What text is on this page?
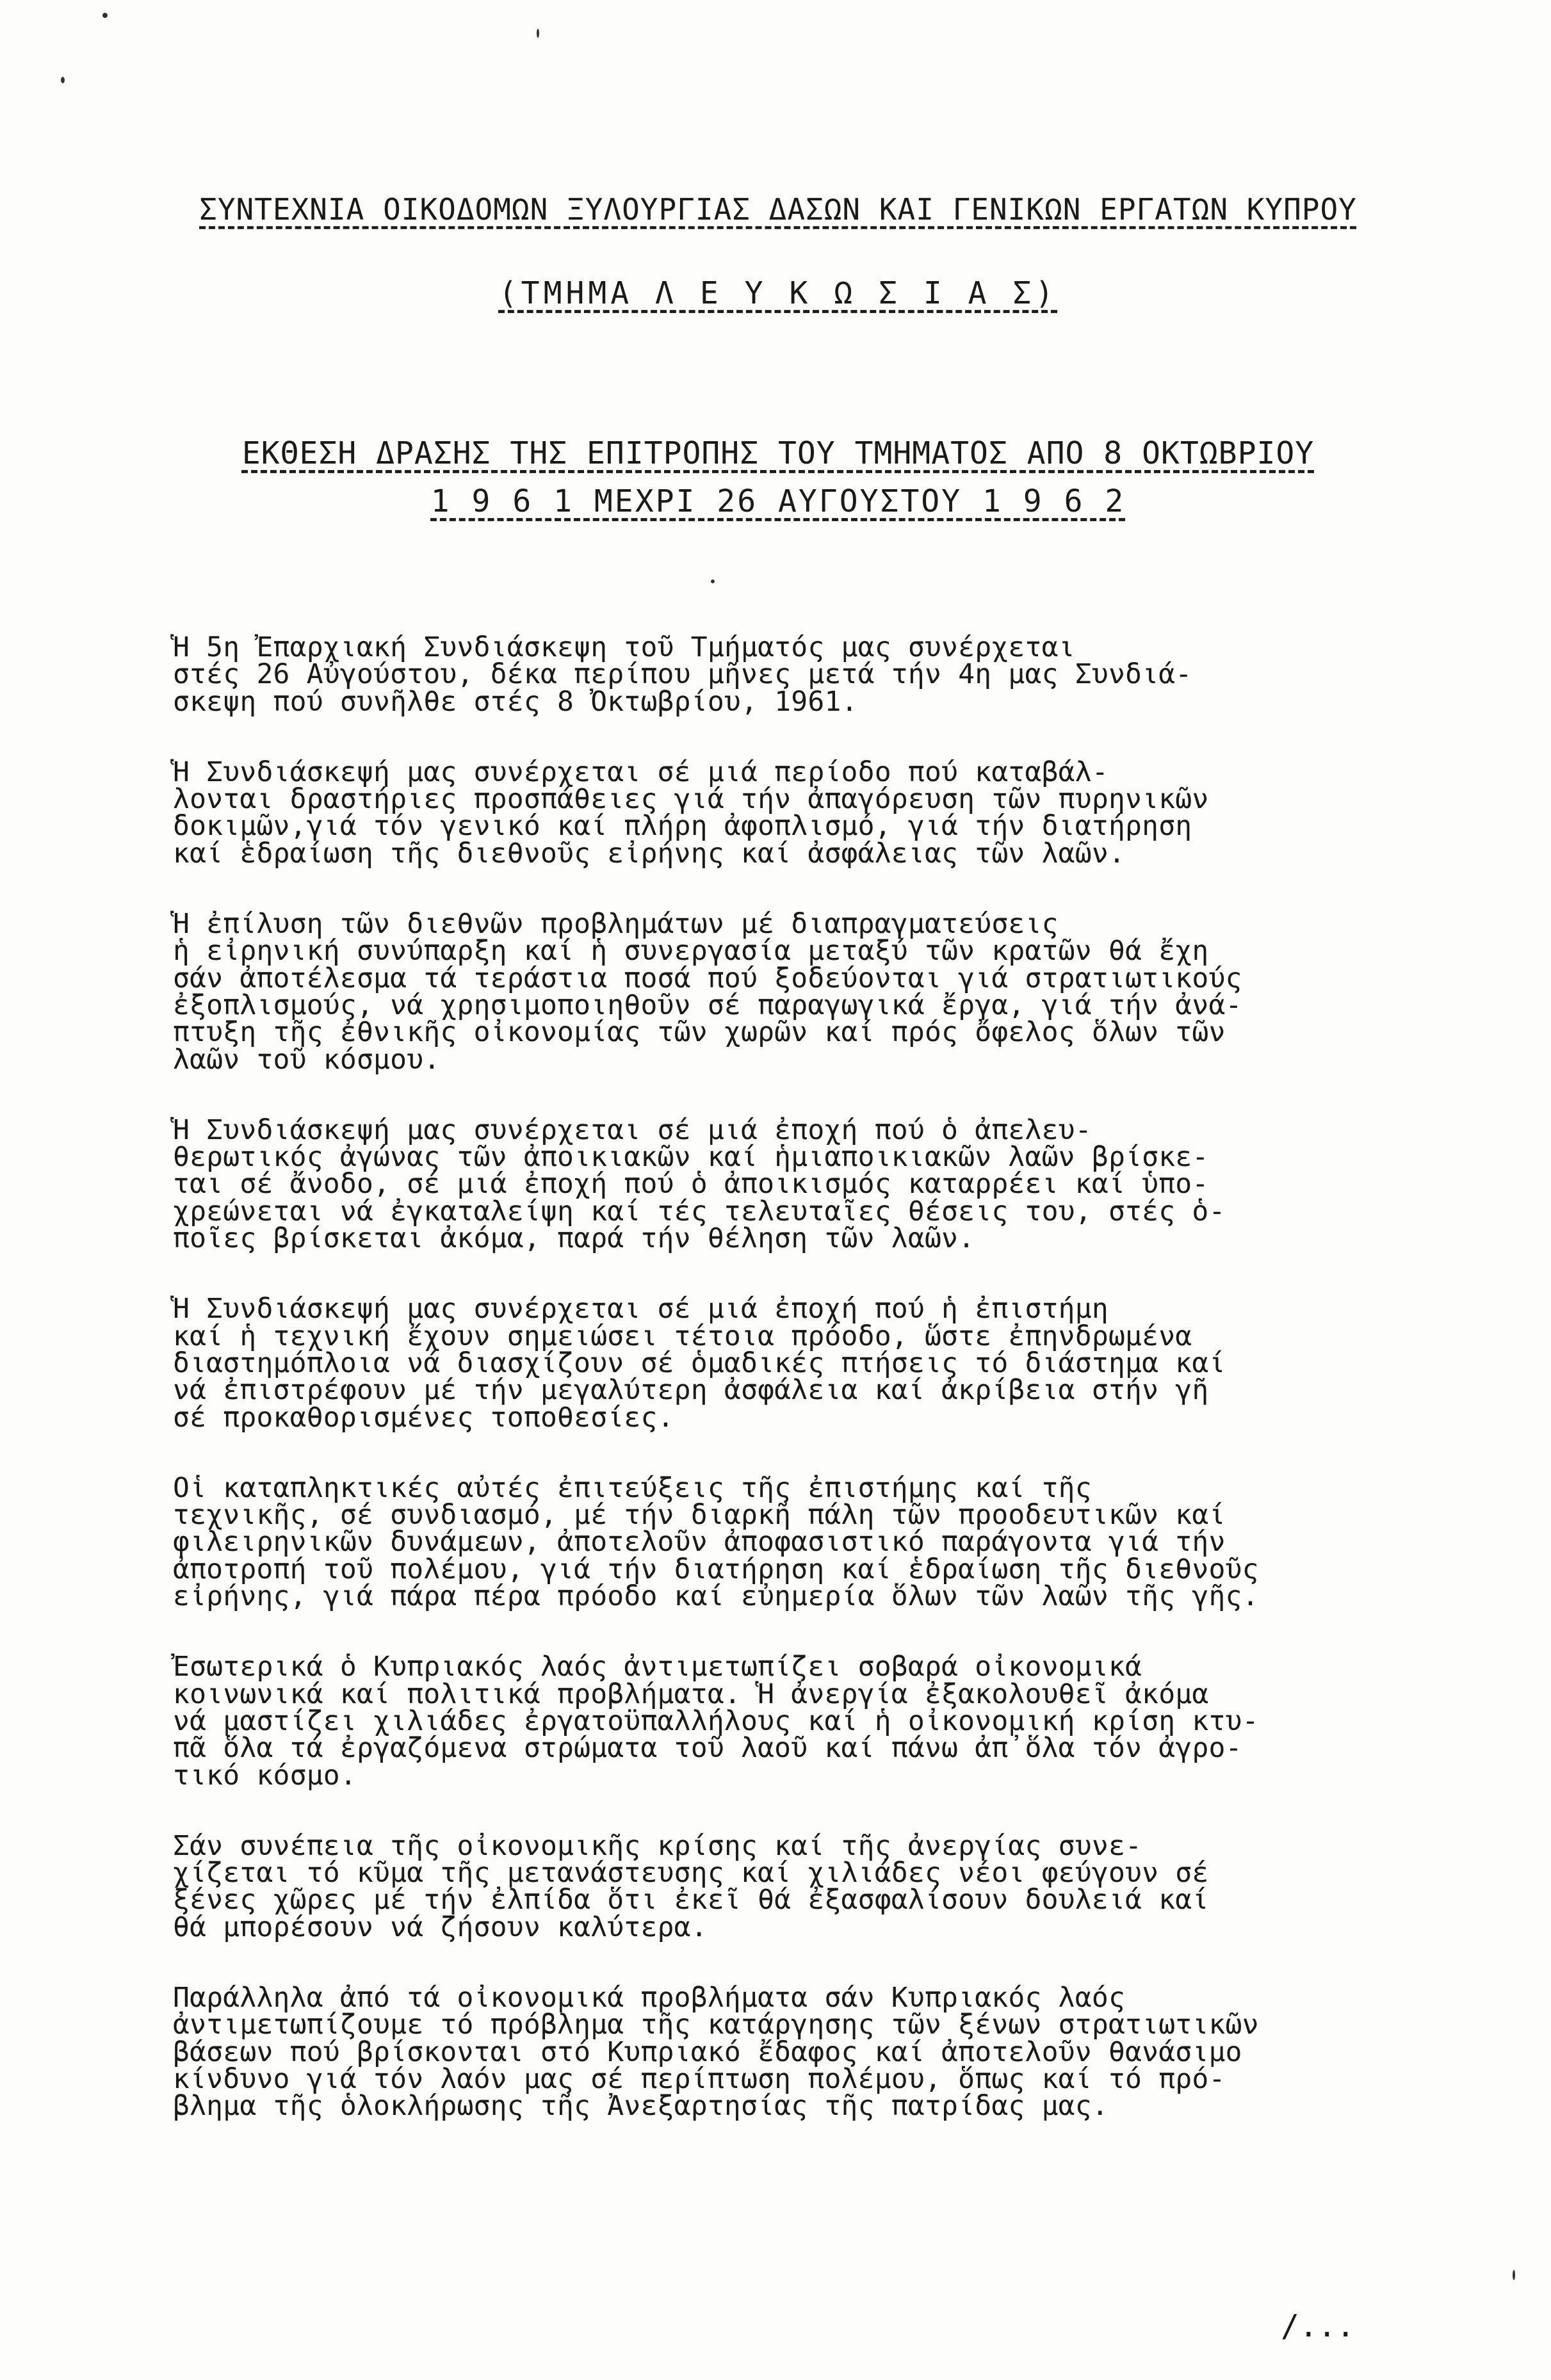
ΣΥΝΤΕΧΝΙΑ ΟΙΚΟΔΟΜΩΝ ΞΥΛΟΥΡΓΙΑΣ ΔΑΣΩΝ ΚΑΙ ΓΕΝΙΚΩΝ ΕΡΓΑΤΩΝ ΚΥΠΡΟΥ
(ΤΜΗΜΑ Λ Ε Υ Κ Ω Σ Ι Α Σ)
ΕΚΘΕΣΗ ΔΡΑΣΗΣ ΤΗΣ ΕΠΙΤΡΟΠΗΣ ΤΟΥ ΤΜΗΜΑΤΟΣ ΑΠΟ 8 ΟΚΤΩΒΡΙΟΥ
1 9 6 1 ΜΕΧΡΙ 26 ΑΥΓΟΥΣΤΟΥ 1 9 6 2

Ἡ 5η Ἐπαρχιακή Συνδιάσκεψη τοῦ Τμήματός μας συνέρχεται
στές 26 Αὐγούστου, δέκα περίπου μῆνες μετά τήν 4η μας Συνδιά-
σκεψη πού συνῆλθε στές 8 Ὀκτωβρίου, 1961.

Ἡ Συνδιάσκεψή μας συνέρχεται σέ μιά περίοδο πού καταβάλ-
λονται δραστήριες προσπάθειες γιά τήν ἀπαγόρευση τῶν πυρηνικῶν
δοκιμῶν,γιά τόν γενικό καί πλήρη ἀφοπλισμό, γιά τήν διατήρηση
καί ἑδραίωση τῆς διεθνοῦς εἰρήνης καί ἀσφάλειας τῶν λαῶν.

Ἡ ἐπίλυση τῶν διεθνῶν προβλημάτων μέ διαπραγματεύσεις
ἡ εἰρηνική συνύπαρξη καί ἡ συνεργασία μεταξύ τῶν κρατῶν θά ἔχη
σάν ἀποτέλεσμα τά τεράστια ποσά πού ξοδεύονται γιά στρατιωτικούς
ἐξοπλισμούς, νά χρησιμοποιηθοῦν σέ παραγωγικά ἔργα, γιά τήν ἀνά-
πτυξη τῆς ἐθνικῆς οἰκονομίας τῶν χωρῶν καί πρός ὄφελος ὅλων τῶν
λαῶν τοῦ κόσμου.

Ἡ Συνδιάσκεψή μας συνέρχεται σέ μιά ἐποχή πού ὁ ἀπελευ-
θερωτικός ἀγώνας τῶν ἀποικιακῶν καί ἡμιαποικιακῶν λαῶν βρίσκε-
ται σέ ἄνοδο, σέ μιά ἐποχή πού ὁ ἀποικισμός καταρρέει καί ὑπο-
χρεώνεται νά ἐγκαταλείψη καί τές τελευταῖες θέσεις του, στές ὁ-
ποῖες βρίσκεται ἀκόμα, παρά τήν θέληση τῶν λαῶν.

Ἡ Συνδιάσκεψή μας συνέρχεται σέ μιά ἐποχή πού ἡ ἐπιστήμη
καί ἡ τεχνική ἔχουν σημειώσει τέτοια πρόοδο, ὥστε ἐπηνδρωμένα
διαστημόπλοια νά διασχίζουν σέ ὁμαδικές πτήσεις τό διάστημα καί
νά ἐπιστρέφουν μέ τήν μεγαλύτερη ἀσφάλεια καί ἀκρίβεια στήν γῆ
σέ προκαθορισμένες τοποθεσίες.

Οἱ καταπληκτικές αὐτές ἐπιτεύξεις τῆς ἐπιστήμης καί τῆς
τεχνικῆς, σέ συνδιασμό, μέ τήν διαρκῆ πάλη τῶν προοδευτικῶν καί
φιλειρηνικῶν δυνάμεων, ἀποτελοῦν ἀποφασιστικό παράγοντα γιά τήν
ἀποτροπή τοῦ πολέμου, γιά τήν διατήρηση καί ἑδραίωση τῆς διεθνοῦς
εἰρήνης, γιά πάρα πέρα πρόοδο καί εὐημερία ὅλων τῶν λαῶν τῆς γῆς.

Ἐσωτερικά ὁ Κυπριακός λαός ἀντιμετωπίζει σοβαρά οἰκονομικά
κοινωνικά καί πολιτικά προβλήματα. Ἡ ἀνεργία ἐξακολουθεῖ ἀκόμα
νά μαστίζει χιλιάδες ἐργατοϋπαλλήλους καί ἡ οἰκονομική κρίση κτυ-
πᾶ ὅλα τά ἐργαζόμενα στρώματα τοῦ λαοῦ καί πάνω ἀπ᾽ὅλα τόν ἀγρο-
τικό κόσμο.

Σάν συνέπεια τῆς οἰκονομικῆς κρίσης καί τῆς ἀνεργίας συνε-
χίζεται τό κῦμα τῆς μετανάστευσης καί χιλιάδες νέοι φεύγουν σέ
ξένες χῶρες μέ τήν ἐλπίδα ὅτι ἐκεῖ θά ἐξασφαλίσουν δουλειά καί
θά μπορέσουν νά ζήσουν καλύτερα.

Παράλληλα ἀπό τά οἰκονομικά προβλήματα σάν Κυπριακός λαός
ἀντιμετωπίζουμε τό πρόβλημα τῆς κατάργησης τῶν ξένων στρατιωτικῶν
βάσεων πού βρίσκονται στό Κυπριακό ἔδαφος καί ἀποτελοῦν θανάσιμο
κίνδυνο γιά τόν λαόν μας σέ περίπτωση πολέμου, ὅπως καί τό πρό-
βλημα τῆς ὁλοκλήρωσης τῆς Ἀνεξαρτησίας τῆς πατρίδας μας.

/...
